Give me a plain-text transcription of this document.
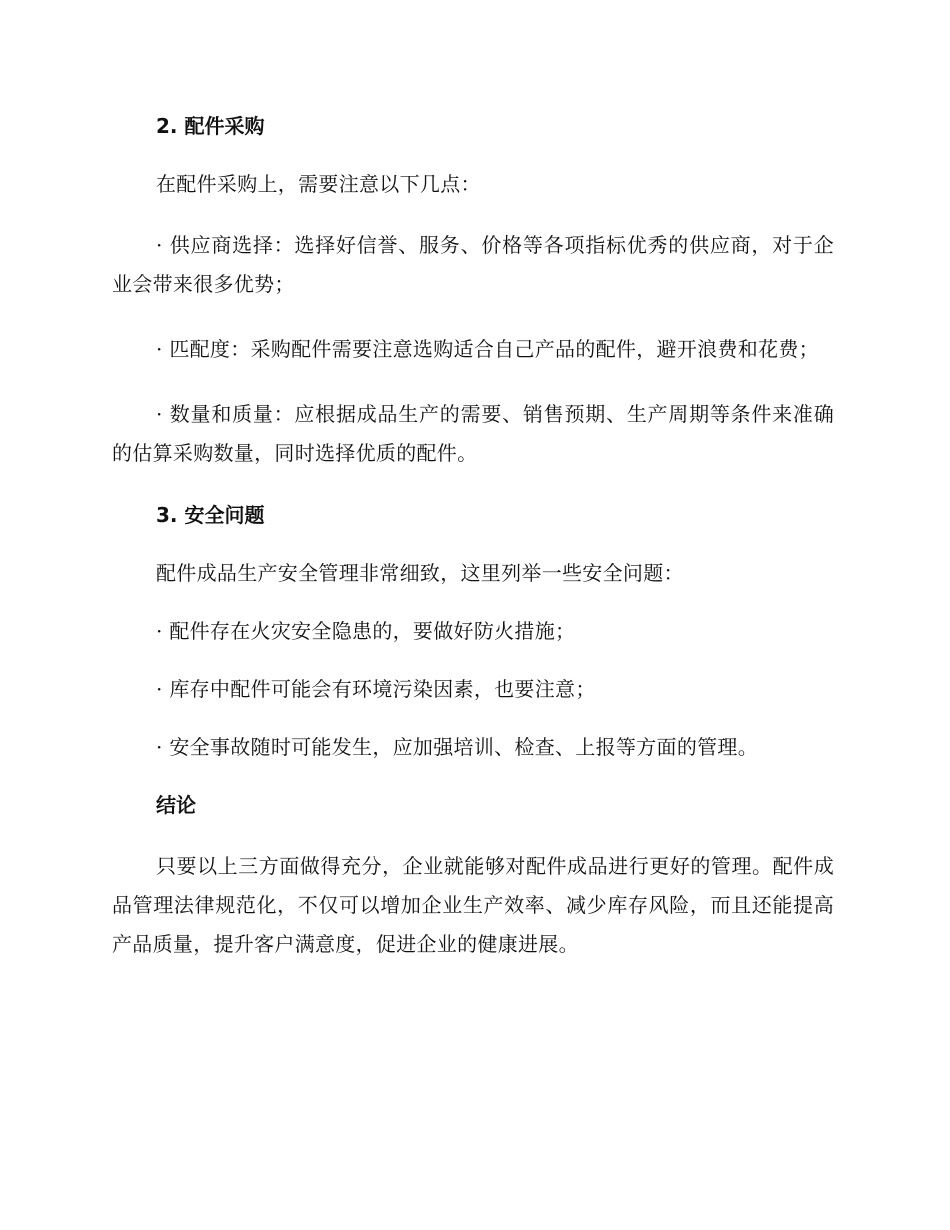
2. 配件采购

在配件采购上，需要注意以下几点：

· 供应商选择：选择好信誉、服务、价格等各项指标优秀的供应商，对于企业会带来很多优势；

· 匹配度：采购配件需要注意选购适合自己产品的配件，避开浪费和花费；

· 数量和质量：应根据成品生产的需要、销售预期、生产周期等条件来准确的估算采购数量，同时选择优质的配件。

3. 安全问题

配件成品生产安全管理非常细致，这里列举一些安全问题：

· 配件存在火灾安全隐患的，要做好防火措施；

· 库存中配件可能会有环境污染因素，也要注意；

· 安全事故随时可能发生，应加强培训、检查、上报等方面的管理。

结论

只要以上三方面做得充分，企业就能够对配件成品进行更好的管理。配件成品管理法律规范化，不仅可以增加企业生产效率、减少库存风险，而且还能提高产品质量，提升客户满意度，促进企业的健康进展。
